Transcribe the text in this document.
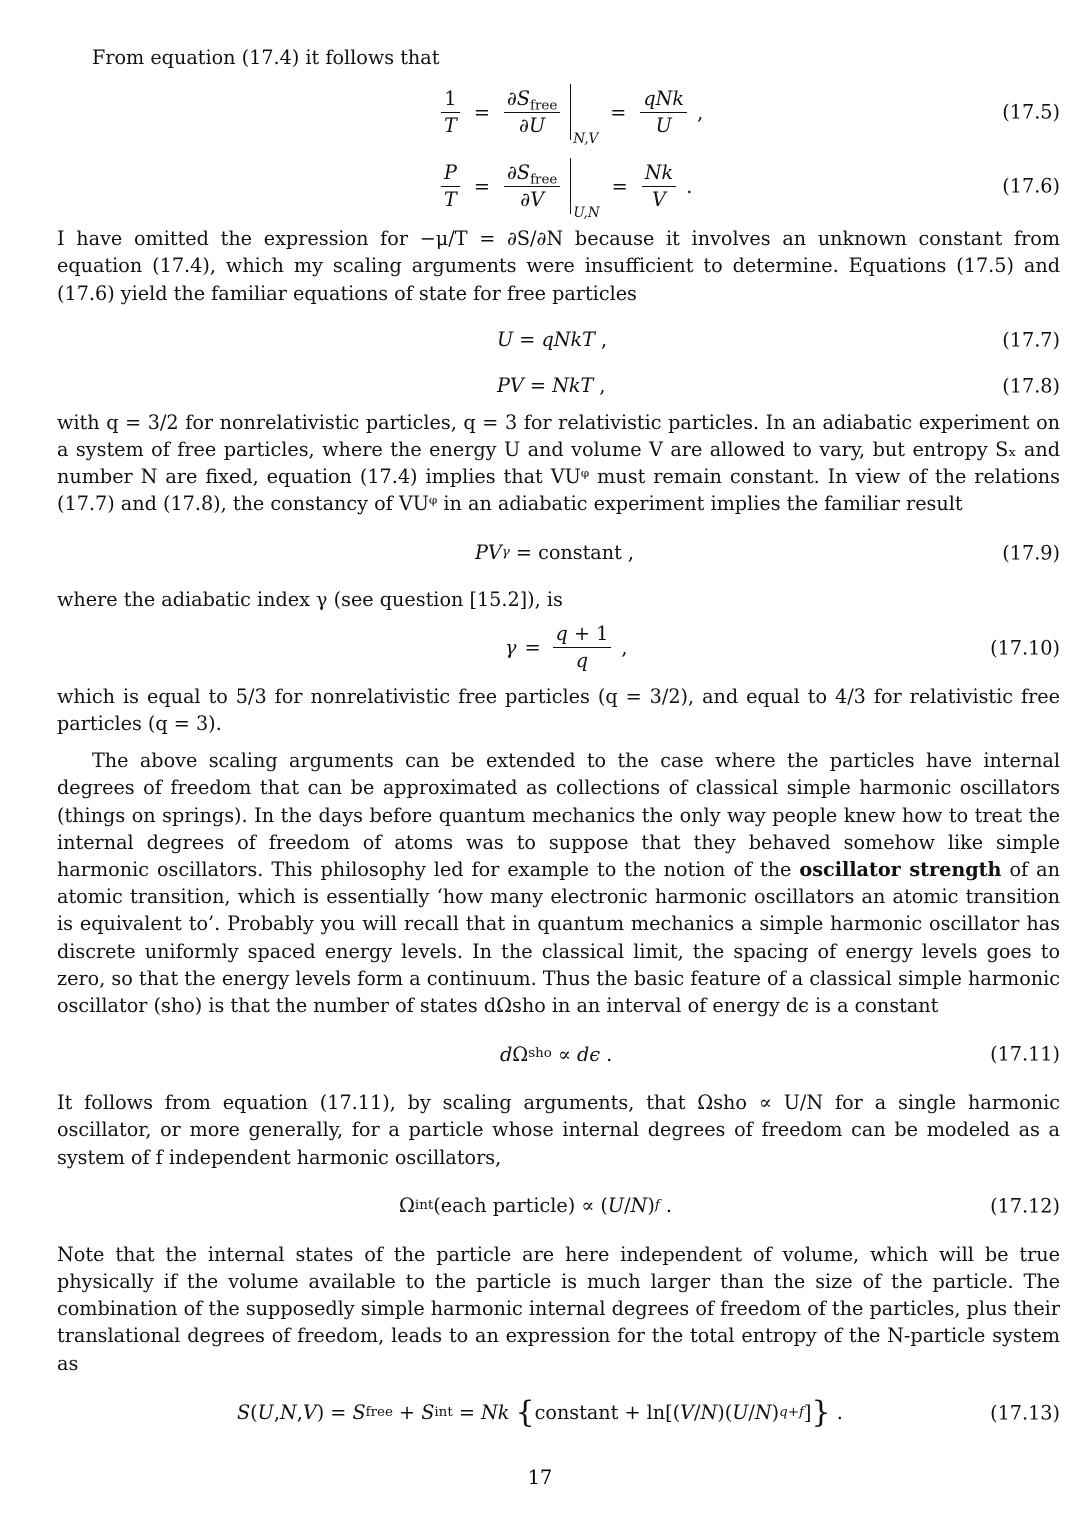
From equation (17.4) it follows that

$\frac{1}{T} = \frac{\partial S_{free}}{\partial U}$
N,V
= $\frac{\text{qNk}}{U}$ ,	(17.5)
$\frac{P}{T} = \frac{\partial S_{free}}{\partial V}$
U,N
= $\frac{Nk}{V}$ .	(17.6)

I have omitted the expression for −μ/T = ∂S/∂N because it involves an unknown constant from equation (17.4), which my scaling arguments were insufficient to determine. Equations (17.5) and (17.6) yield the familiar equations of state for free particles

U = qNkT ,	(17.7)
PV = NkT ,	(17.8)

with q = 3/2 for nonrelativistic particles, q = 3 for relativistic particles. In an adiabatic experiment on a system of free particles, where the energy U and volume V are allowed to vary, but entropy Sₓ and number N are fixed, equation (17.4) implies that VUᵠ must remain constant. In view of the relations (17.7) and (17.8), the constancy of VUᵠ in an adiabatic experiment implies the familiar result

PV γ = constant ,	(17.9)

where the adiabatic index γ (see question [15.2]), is

$\gamma = \frac{q + 1}{q}$ ,	(17.10)

which is equal to 5/3 for nonrelativistic free particles (q = 3/2), and equal to 4/3 for relativistic free particles (q = 3).

The above scaling arguments can be extended to the case where the particles have internal degrees of freedom that can be approximated as collections of classical simple harmonic oscillators (things on springs). In the days before quantum mechanics the only way people knew how to treat the internal degrees of freedom of atoms was to suppose that they behaved somehow like simple harmonic oscillators. This philosophy led for example to the notion of the oscillator strength of an atomic transition, which is essentially ‘how many electronic harmonic oscillators an atomic transition is equivalent to’. Probably you will recall that in quantum mechanics a simple harmonic oscillator has discrete uniformly spaced energy levels. In the classical limit, the spacing of energy levels goes to zero, so that the energy levels form a continuum. Thus the basic feature of a classical simple harmonic oscillator (sho) is that the number of states dΩsho in an interval of energy dϵ is a constant

d Ω sho ∝ dϵ .	(17.11)

It follows from equation (17.11), by scaling arguments, that Ωsho ∝ U/N for a single harmonic oscillator, or more generally, for a particle whose internal degrees of freedom can be modeled as a system of f independent harmonic oscillators,

Ω int (each particle) ∝ ( U / N ) f .	(17.12)

Note that the internal states of the particle are here independent of volume, which will be true physically if the volume available to the particle is much larger than the size of the particle. The combination of the supposedly simple harmonic internal degrees of freedom of the particles, plus their translational degrees of freedom, leads to an expression for the total entropy of the N-particle system as

S ( U , N , V ) = S free + S int = Nk
{ constant + ln[( V / N )( U / N ) q+f ] } .	(17.13)
17
